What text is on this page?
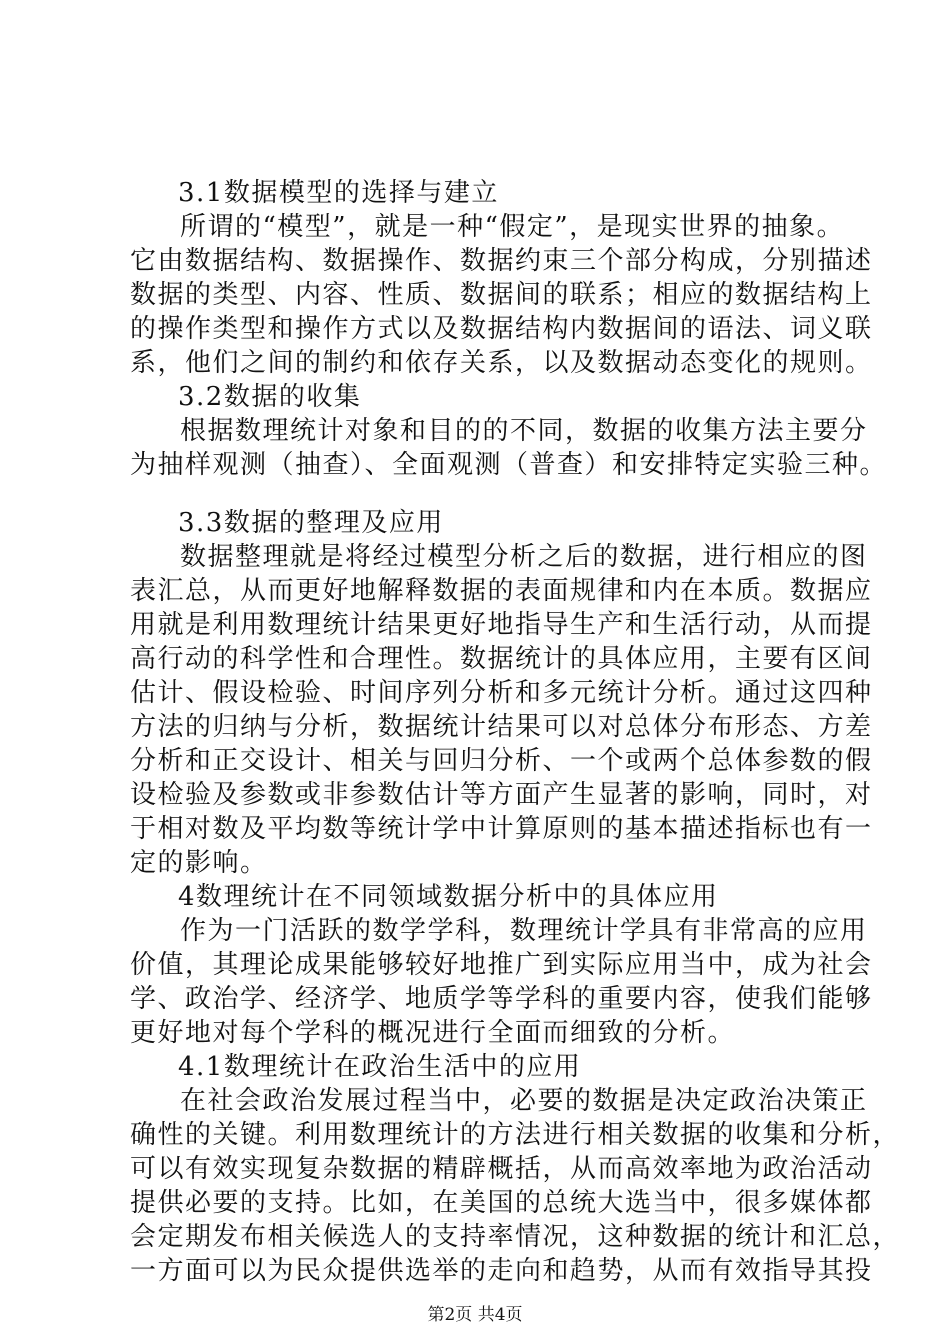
3.1数据模型的选择与建立
所谓的“模型”，就是一种“假定”，是现实世界的抽象。
它由数据结构、数据操作、数据约束三个部分构成，分别描述
数据的类型、内容、性质、数据间的联系；相应的数据结构上
的操作类型和操作方式以及数据结构内数据间的语法、词义联
系，他们之间的制约和依存关系，以及数据动态变化的规则。
3.2数据的收集
根据数理统计对象和目的的不同，数据的收集方法主要分
为抽样观测（抽查）、全面观测（普查）和安排特定实验三种。
3.3数据的整理及应用
数据整理就是将经过模型分析之后的数据，进行相应的图
表汇总，从而更好地解释数据的表面规律和内在本质。数据应
用就是利用数理统计结果更好地指导生产和生活行动，从而提
高行动的科学性和合理性。数据统计的具体应用，主要有区间
估计、假设检验、时间序列分析和多元统计分析。通过这四种
方法的归纳与分析，数据统计结果可以对总体分布形态、方差
分析和正交设计、相关与回归分析、一个或两个总体参数的假
设检验及参数或非参数估计等方面产生显著的影响，同时，对
于相对数及平均数等统计学中计算原则的基本描述指标也有一
定的影响。
4数理统计在不同领域数据分析中的具体应用
作为一门活跃的数学学科，数理统计学具有非常高的应用
价值，其理论成果能够较好地推广到实际应用当中，成为社会
学、政治学、经济学、地质学等学科的重要内容，使我们能够
更好地对每个学科的概况进行全面而细致的分析。
4.1数理统计在政治生活中的应用
在社会政治发展过程当中，必要的数据是决定政治决策正
确性的关键。利用数理统计的方法进行相关数据的收集和分析，
可以有效实现复杂数据的精辟概括，从而高效率地为政治活动
提供必要的支持。比如，在美国的总统大选当中，很多媒体都
会定期发布相关候选人的支持率情况，这种数据的统计和汇总，
一方面可以为民众提供选举的走向和趋势，从而有效指导其投
第2页 共4页
